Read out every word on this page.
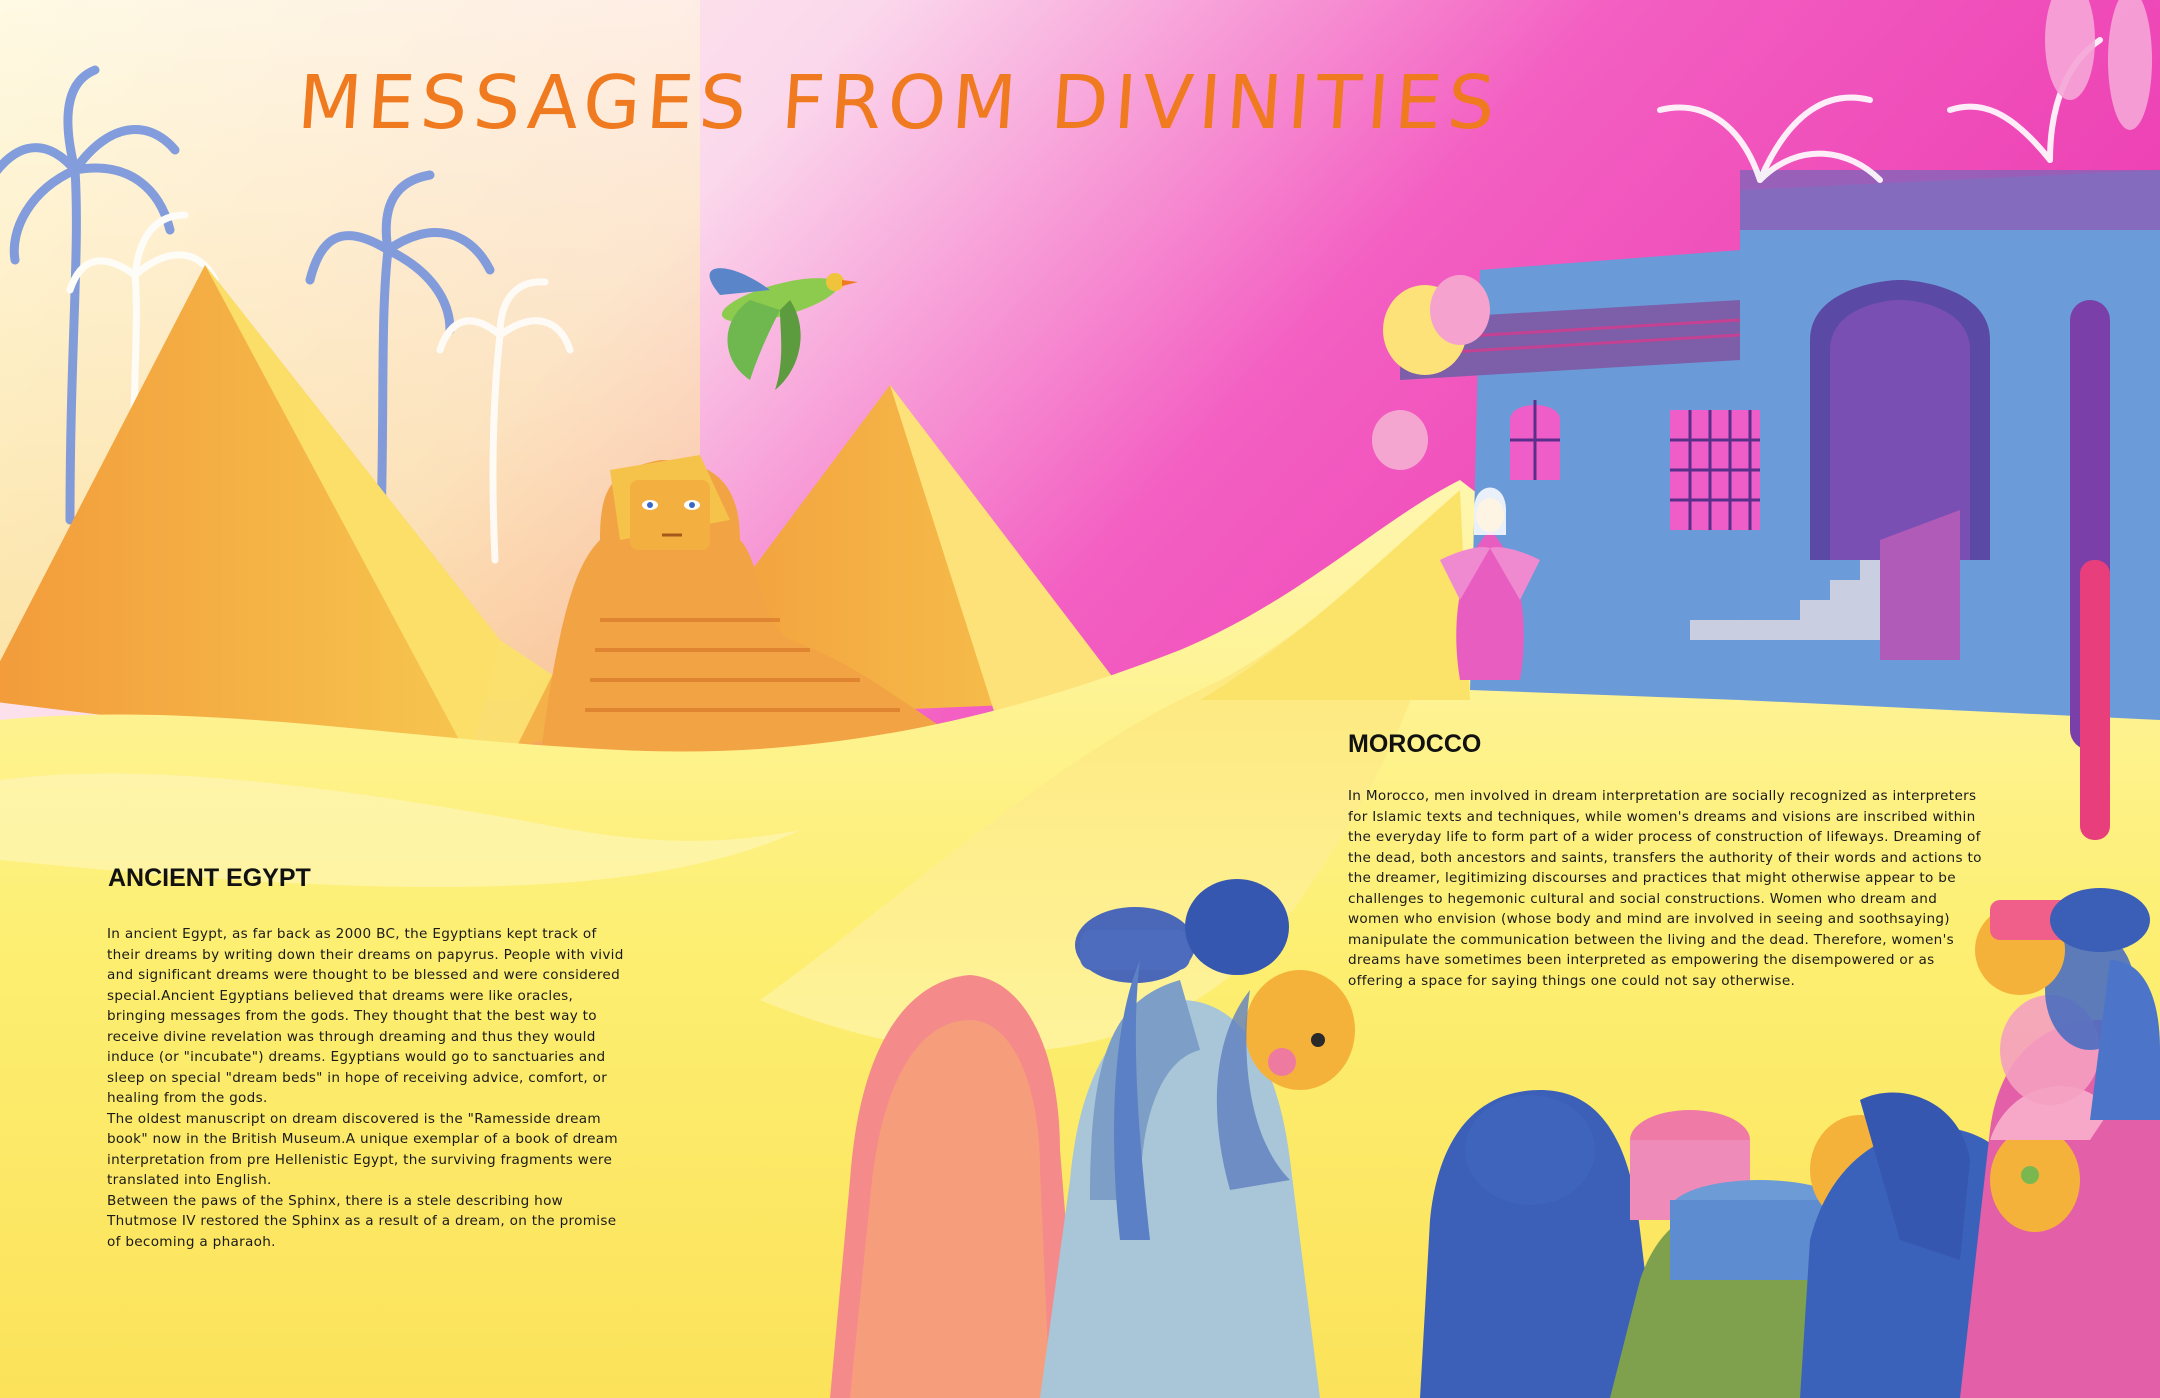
MESSAGES FROM DIVINITIES
ANCIENT EGYPT

In ancient Egypt, as far back as 2000 BC, the Egyptians kept track of their dreams by writing down their dreams on papyrus. People with vivid and significant dreams were thought to be blessed and were considered special.Ancient Egyptians believed that dreams were like oracles, bringing messages from the gods. They thought that the best way to receive divine revelation was through dreaming and thus they would induce (or "incubate") dreams. Egyptians would go to sanctuaries and sleep on special "dream beds" in hope of receiving advice, comfort, or healing from the gods.

The oldest manuscript on dream discovered is the "Ramesside dream book" now in the British Museum.A unique exemplar of a book of dream interpretation from pre Hellenistic Egypt, the surviving fragments were translated into English.

Between the paws of the Sphinx, there is a stele describing how Thutmose IV restored the Sphinx as a result of a dream, on the promise of becoming a pharaoh.

MOROCCO

In Morocco, men involved in dream interpretation are socially recognized as interpreters for Islamic texts and techniques, while women's dreams and visions are inscribed within the everyday life to form part of a wider process of construction of lifeways. Dreaming of the dead, both ancestors and saints, transfers the authority of their words and actions to the dreamer, legitimizing discourses and practices that might otherwise appear to be challenges to hegemonic cultural and social constructions. Women who dream and women who envision (whose body and mind are involved in seeing and soothsaying) manipulate the communication between the living and the dead. Therefore, women's dreams have sometimes been interpreted as empowering the disempowered or as offering a space for saying things one could not say otherwise.
